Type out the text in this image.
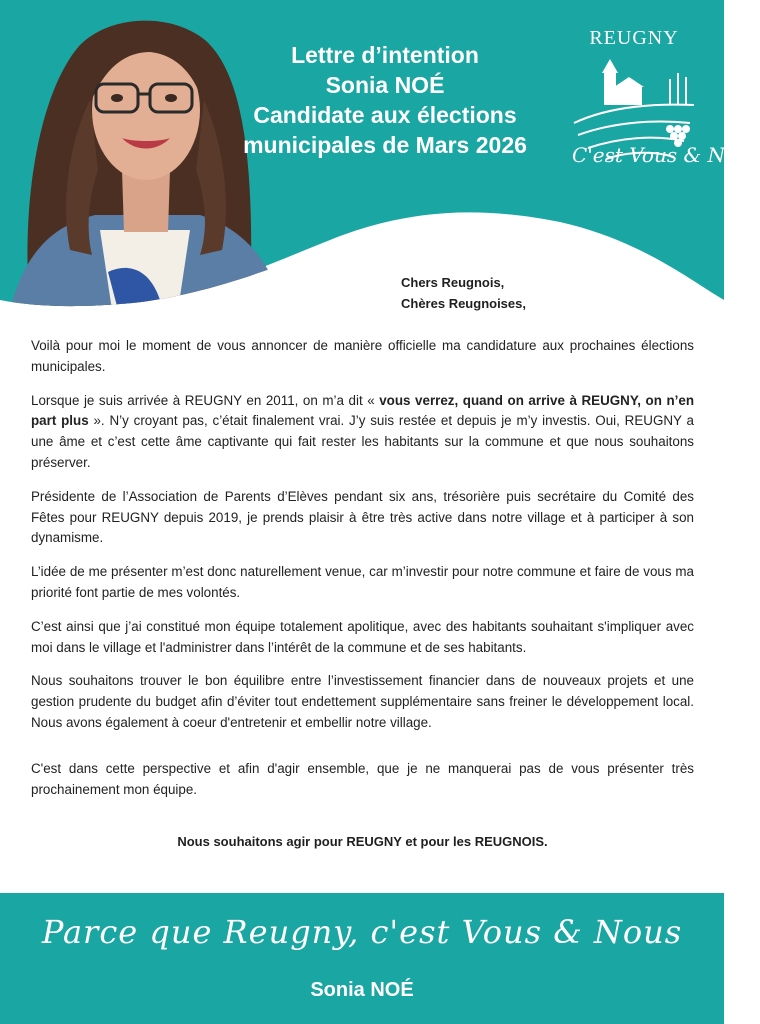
Lettre d’intention
Sonia NOÉ
Candidate aux élections
municipales de Mars 2026
REUGNY
C'est Vous & Nous
Chers Reugnois,
Chères Reugnoises,

Voilà pour moi le moment de vous annoncer de manière officielle ma candidature aux prochaines élections municipales.

Lorsque je suis arrivée à REUGNY en 2011, on m’a dit « vous verrez, quand on arrive à REUGNY, on n’en part plus ». N’y croyant pas, c’était finalement vrai. J’y suis restée et depuis je m’y investis. Oui, REUGNY a une âme et c’est cette âme captivante qui fait rester les habitants sur la commune et que nous souhaitons préserver.

Présidente de l’Association de Parents d’Elèves pendant six ans, trésorière puis secrétaire du Comité des Fêtes pour REUGNY depuis 2019, je prends plaisir à être très active dans notre village et à participer à son dynamisme.

L’idée de me présenter m’est donc naturellement venue, car m’investir pour notre commune et faire de vous ma priorité font partie de mes volontés.

C’est ainsi que j’ai constitué mon équipe totalement apolitique, avec des habitants souhaitant s'impliquer avec moi dans le village et l'administrer dans l’intérêt de la commune et de ses habitants.

Nous souhaitons trouver le bon équilibre entre l’investissement financier dans de nouveaux projets et une gestion prudente du budget afin d’éviter tout endettement supplémentaire sans freiner le développement local. Nous avons également à coeur d'entretenir et embellir notre village.

C'est dans cette perspective et afin d'agir ensemble, que je ne manquerai pas de vous présenter très prochainement mon équipe.

Nous souhaitons agir pour REUGNY et pour les REUGNOIS.
Parce que Reugny, c'est Vous & Nous
Sonia NOÉ
